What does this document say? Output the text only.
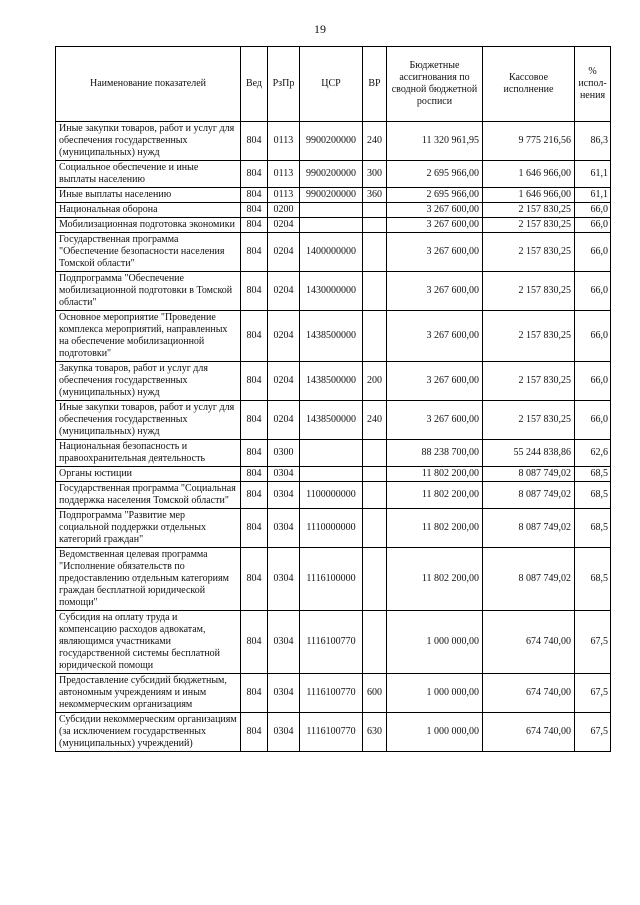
19
Наименование показателей	Вед	РзПр	ЦСР	ВР	Бюджетные ассигнования по сводной бюджетной росписи	Кассовое исполнение	% испол-нения
Иные закупки товаров, работ и услуг для обеспечения государственных (муниципальных) нужд	804	0113	9900200000	240	11 320 961,95	9 775 216,56	86,3
Социальное обеспечение и иные выплаты населению	804	0113	9900200000	300	2 695 966,00	1 646 966,00	61,1
Иные выплаты населению	804	0113	9900200000	360	2 695 966,00	1 646 966,00	61,1
Национальная оборона	804	0200			3 267 600,00	2 157 830,25	66,0
Мобилизационная подготовка экономики	804	0204			3 267 600,00	2 157 830,25	66,0
Государственная программа "Обеспечение безопасности населения Томской области"	804	0204	1400000000		3 267 600,00	2 157 830,25	66,0
Подпрограмма "Обеспечение мобилизационной подготовки в Томской области"	804	0204	1430000000		3 267 600,00	2 157 830,25	66,0
Основное мероприятие "Проведение комплекса мероприятий, направленных на обеспечение мобилизационной подготовки"	804	0204	1438500000		3 267 600,00	2 157 830,25	66,0
Закупка товаров, работ и услуг для обеспечения государственных (муниципальных) нужд	804	0204	1438500000	200	3 267 600,00	2 157 830,25	66,0
Иные закупки товаров, работ и услуг для обеспечения государственных (муниципальных) нужд	804	0204	1438500000	240	3 267 600,00	2 157 830,25	66,0
Национальная безопасность и правоохранительная деятельность	804	0300			88 238 700,00	55 244 838,86	62,6
Органы юстиции	804	0304			11 802 200,00	8 087 749,02	68,5
Государственная программа "Социальная поддержка населения Томской области"	804	0304	1100000000		11 802 200,00	8 087 749,02	68,5
Подпрограмма "Развитие мер социальной поддержки отдельных категорий граждан"	804	0304	1110000000		11 802 200,00	8 087 749,02	68,5
Ведомственная целевая программа "Исполнение обязательств по предоставлению отдельным категориям граждан бесплатной юридической помощи"	804	0304	1116100000		11 802 200,00	8 087 749,02	68,5
Субсидия на оплату труда и компенсацию расходов адвокатам, являющимся участниками государственной системы бесплатной юридической помощи	804	0304	1116100770		1 000 000,00	674 740,00	67,5
Предоставление субсидий бюджетным, автономным учреждениям и иным некоммерческим организациям	804	0304	1116100770	600	1 000 000,00	674 740,00	67,5
Субсидии некоммерческим организациям (за исключением государственных (муниципальных) учреждений)	804	0304	1116100770	630	1 000 000,00	674 740,00	67,5
